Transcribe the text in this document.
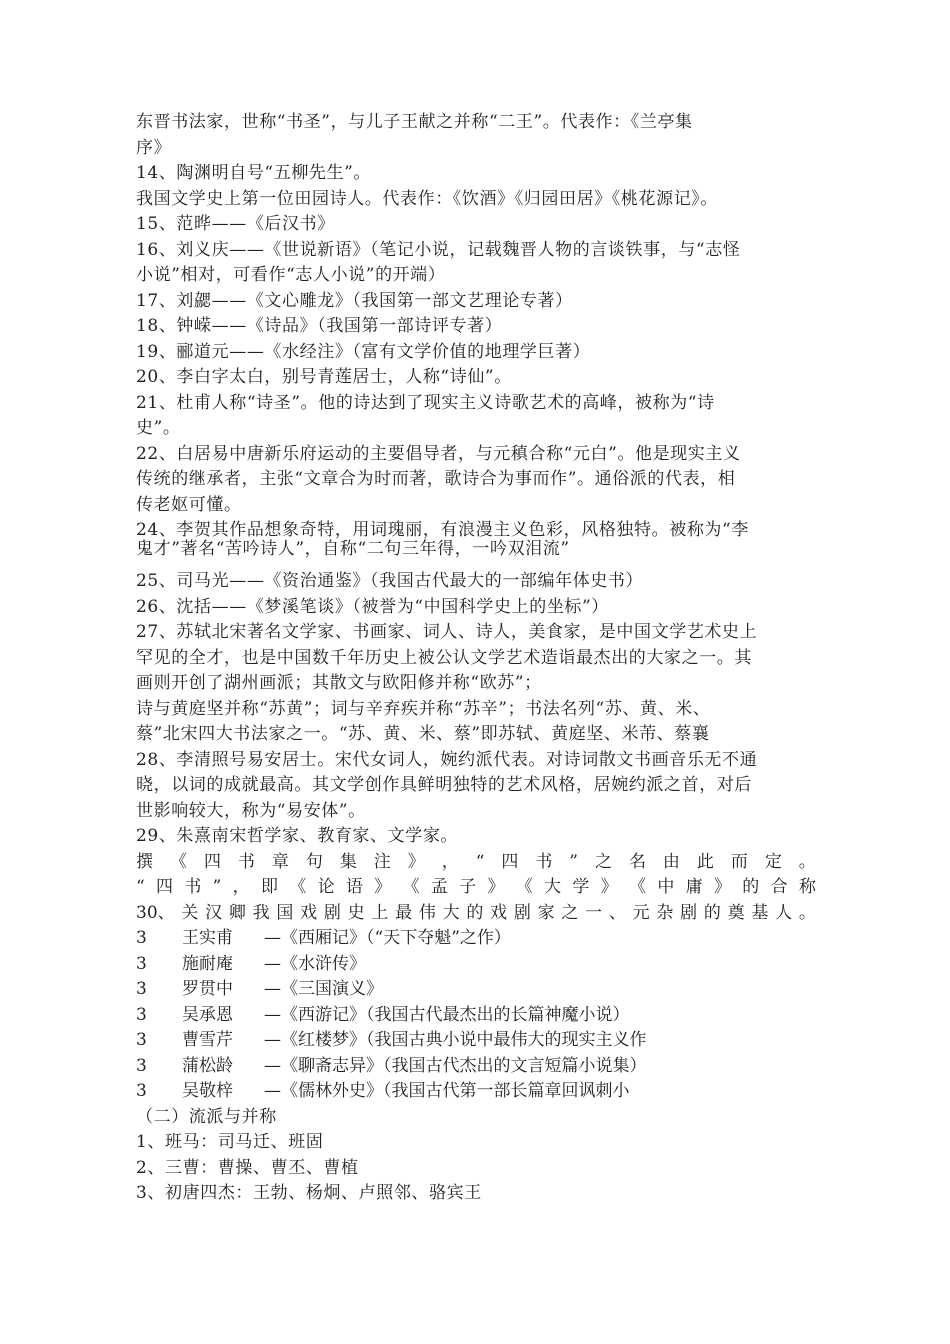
东晋书法家，世称“书圣”，与儿子王献之并称“二王”。代表作：《兰亭集
序》
14、陶渊明自号“五柳先生”。
我国文学史上第一位田园诗人。代表作：《饮酒》《归园田居》《桃花源记》。
15、范晔——《后汉书》
16、刘义庆——《世说新语》（笔记小说，记载魏晋人物的言谈铁事，与“志怪
小说”相对，可看作“志人小说”的开端）
17、刘勰——《文心雕龙》（我国第一部文艺理论专著）
18、钟嵘——《诗品》（我国第一部诗评专著）
19、郦道元——《水经注》（富有文学价值的地理学巨著）
20、李白字太白，别号青莲居士，人称“诗仙”。
21、杜甫人称“诗圣”。他的诗达到了现实主义诗歌艺术的高峰，被称为“诗
史”。
22、白居易中唐新乐府运动的主要倡导者，与元稹合称“元白”。他是现实主义
传统的继承者，主张“文章合为时而著，歌诗合为事而作”。通俗派的代表，相
传老妪可懂。
24、李贺其作品想象奇特，用词瑰丽，有浪漫主义色彩，风格独特。被称为“李
鬼才”著名“苦吟诗人”，自称“二句三年得，一吟双泪流”
25、司马光——《资治通鉴》（我国古代最大的一部编年体史书）
26、沈括——《梦溪笔谈》（被誉为“中国科学史上的坐标”）
27、苏轼北宋著名文学家、书画家、词人、诗人，美食家，是中国文学艺术史上
罕见的全才，也是中国数千年历史上被公认文学艺术造诣最杰出的大家之一。其
画则开创了湖州画派；其散文与欧阳修并称“欧苏”；
诗与黄庭坚并称“苏黄”；词与辛弃疾并称“苏辛”；书法名列“苏、黄、米、
蔡”北宋四大书法家之一。“苏、黄、米、蔡”即苏轼、黄庭坚、米芾、蔡襄
28、李清照号易安居士。宋代女词人，婉约派代表。对诗词散文书画音乐无不通
晓，以词的成就最高。其文学创作具鲜明独特的艺术风格，居婉约派之首，对后
世影响较大，称为“易安体”。
29、朱熹南宋哲学家、教育家、文学家。
撰 《 四 书 章 句 集 注 》 ， “ 四 书 ” 之 名 由 此 而 定 。
“ 四 书 ” ， 即 《 论 语 》 《 孟 子 》 《 大 学 》 《 中 庸 》 的 合 称
30、 关 汉 卿 我 国 戏 剧 史 上 最 伟 大 的 戏 剧 家 之 一 、 元 杂 剧 的 奠 基 人 。
3 王实甫 —《西厢记》（“天下夺魁”之作）
3 施耐庵 —《水浒传》
3 罗贯中 —《三国演义》
3 吴承恩 —《西游记》（我国古代最杰出的长篇神魔小说）
3 曹雪芹 —《红楼梦》（我国古典小说中最伟大的现实主义作
3 蒲松龄 —《聊斋志异》（我国古代杰出的文言短篇小说集）
3 吴敬梓 —《儒林外史》（我国古代第一部长篇章回讽刺小
（二）流派与并称
1、班马：司马迁、班固
2、三曹：曹操、曹丕、曹植
3、初唐四杰：王勃、杨炯、卢照邻、骆宾王
